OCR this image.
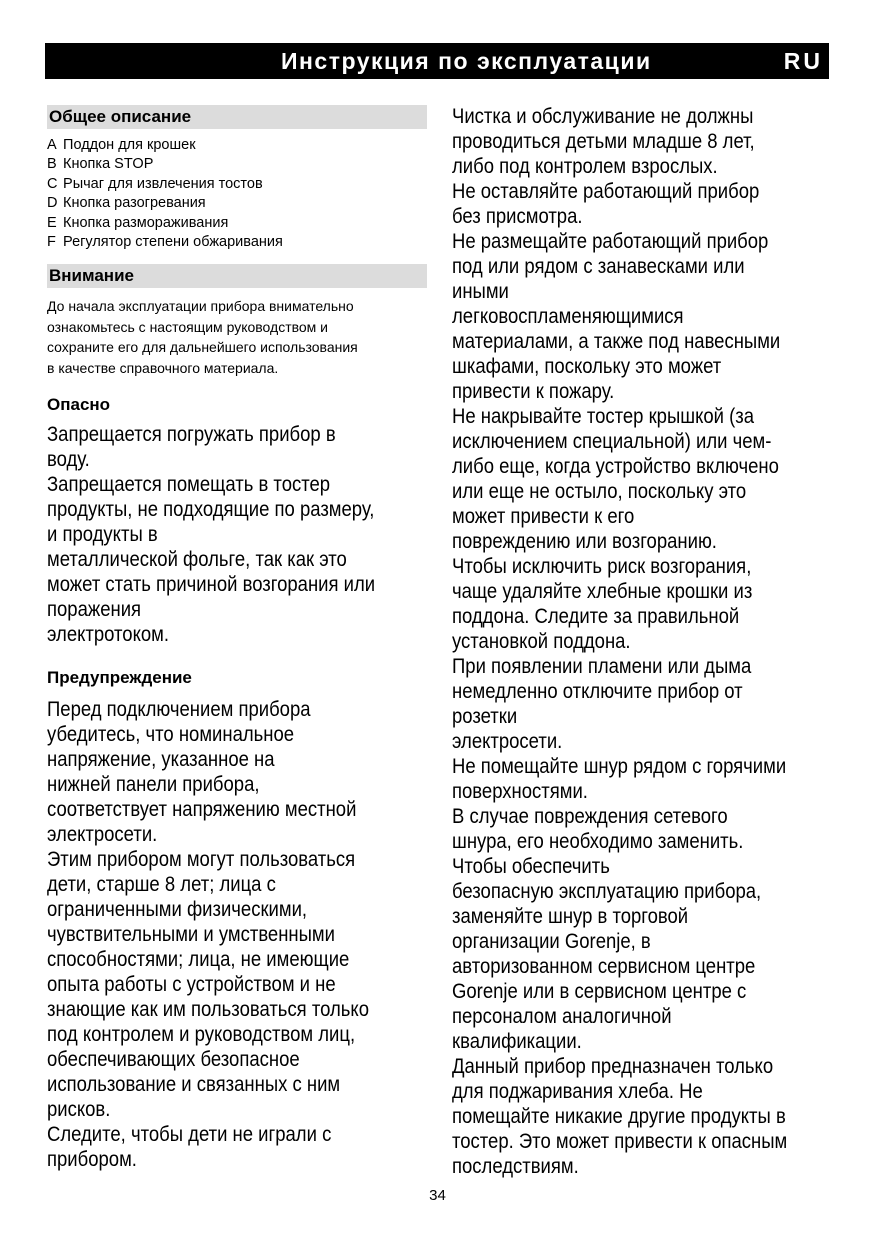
Инструкция по эксплуатации	RU
Общее описание
A Поддон для крошек
B Кнопка STOP
C Рычаг для извлечения тостов
D Кнопка разогревания
E Кнопка размораживания
F Регулятор степени обжаривания
Внимание
До начала эксплуатации прибора внимательно
ознакомьтесь с настоящим руководством и
сохраните его для дальнейшего использования
в качестве справочного материала.
Опасно
Запрещается погружать прибор в
воду.
Запрещается помещать в тостер
продукты, не подходящие по размеру,
и продукты в
металлической фольге, так как это
может стать причиной возгорания или
поражения
электротоком.
Предупреждение
Перед подключением прибора
убедитесь, что номинальное
напряжение, указанное на
нижней панели прибора,
соответствует напряжению местной
электросети.
Этим прибором могут пользоваться
дети, старше 8 лет; лица с
ограниченными физическими,
чувствительными и умственными
способностями; лица, не имеющие
опыта работы с устройством и не
знающие как им пользоваться только
под контролем и руководством лиц,
обеспечивающих безопасное
использование и связанных с ним
рисков.
Следите, чтобы дети не играли с
прибором.
Чистка и обслуживание не должны
проводиться детьми младше 8 лет,
либо под контролем взрослых.
Не оставляйте работающий прибор
без присмотра.
Не размещайте работающий прибор
под или рядом с занавесками или
иными
легковоспламеняющимися
материалами, а также под навесными
шкафами, поскольку это может
привести к пожару.
Не накрывайте тостер крышкой (за
исключением специальной) или чем-
либо еще, когда устройство включено
или еще не остыло, поскольку это
может привести к его
повреждению или возгоранию.
Чтобы исключить риск возгорания,
чаще удаляйте хлебные крошки из
поддона. Следите за правильной
установкой поддона.
При появлении пламени или дыма
немедленно отключите прибор от
розетки
электросети.
Не помещайте шнур рядом с горячими
поверхностями.
В случае повреждения сетевого
шнура, его необходимо заменить.
Чтобы обеспечить
безопасную эксплуатацию прибора,
заменяйте шнур в торговой
организации Gorenje, в
авторизованном сервисном центре
Gorenje или в сервисном центре с
персоналом аналогичной
квалификации.
Данный прибор предназначен только
для поджаривания хлеба. Не
помещайте никакие другие продукты в
тостер. Это может привести к опасным
последствиям.
34
